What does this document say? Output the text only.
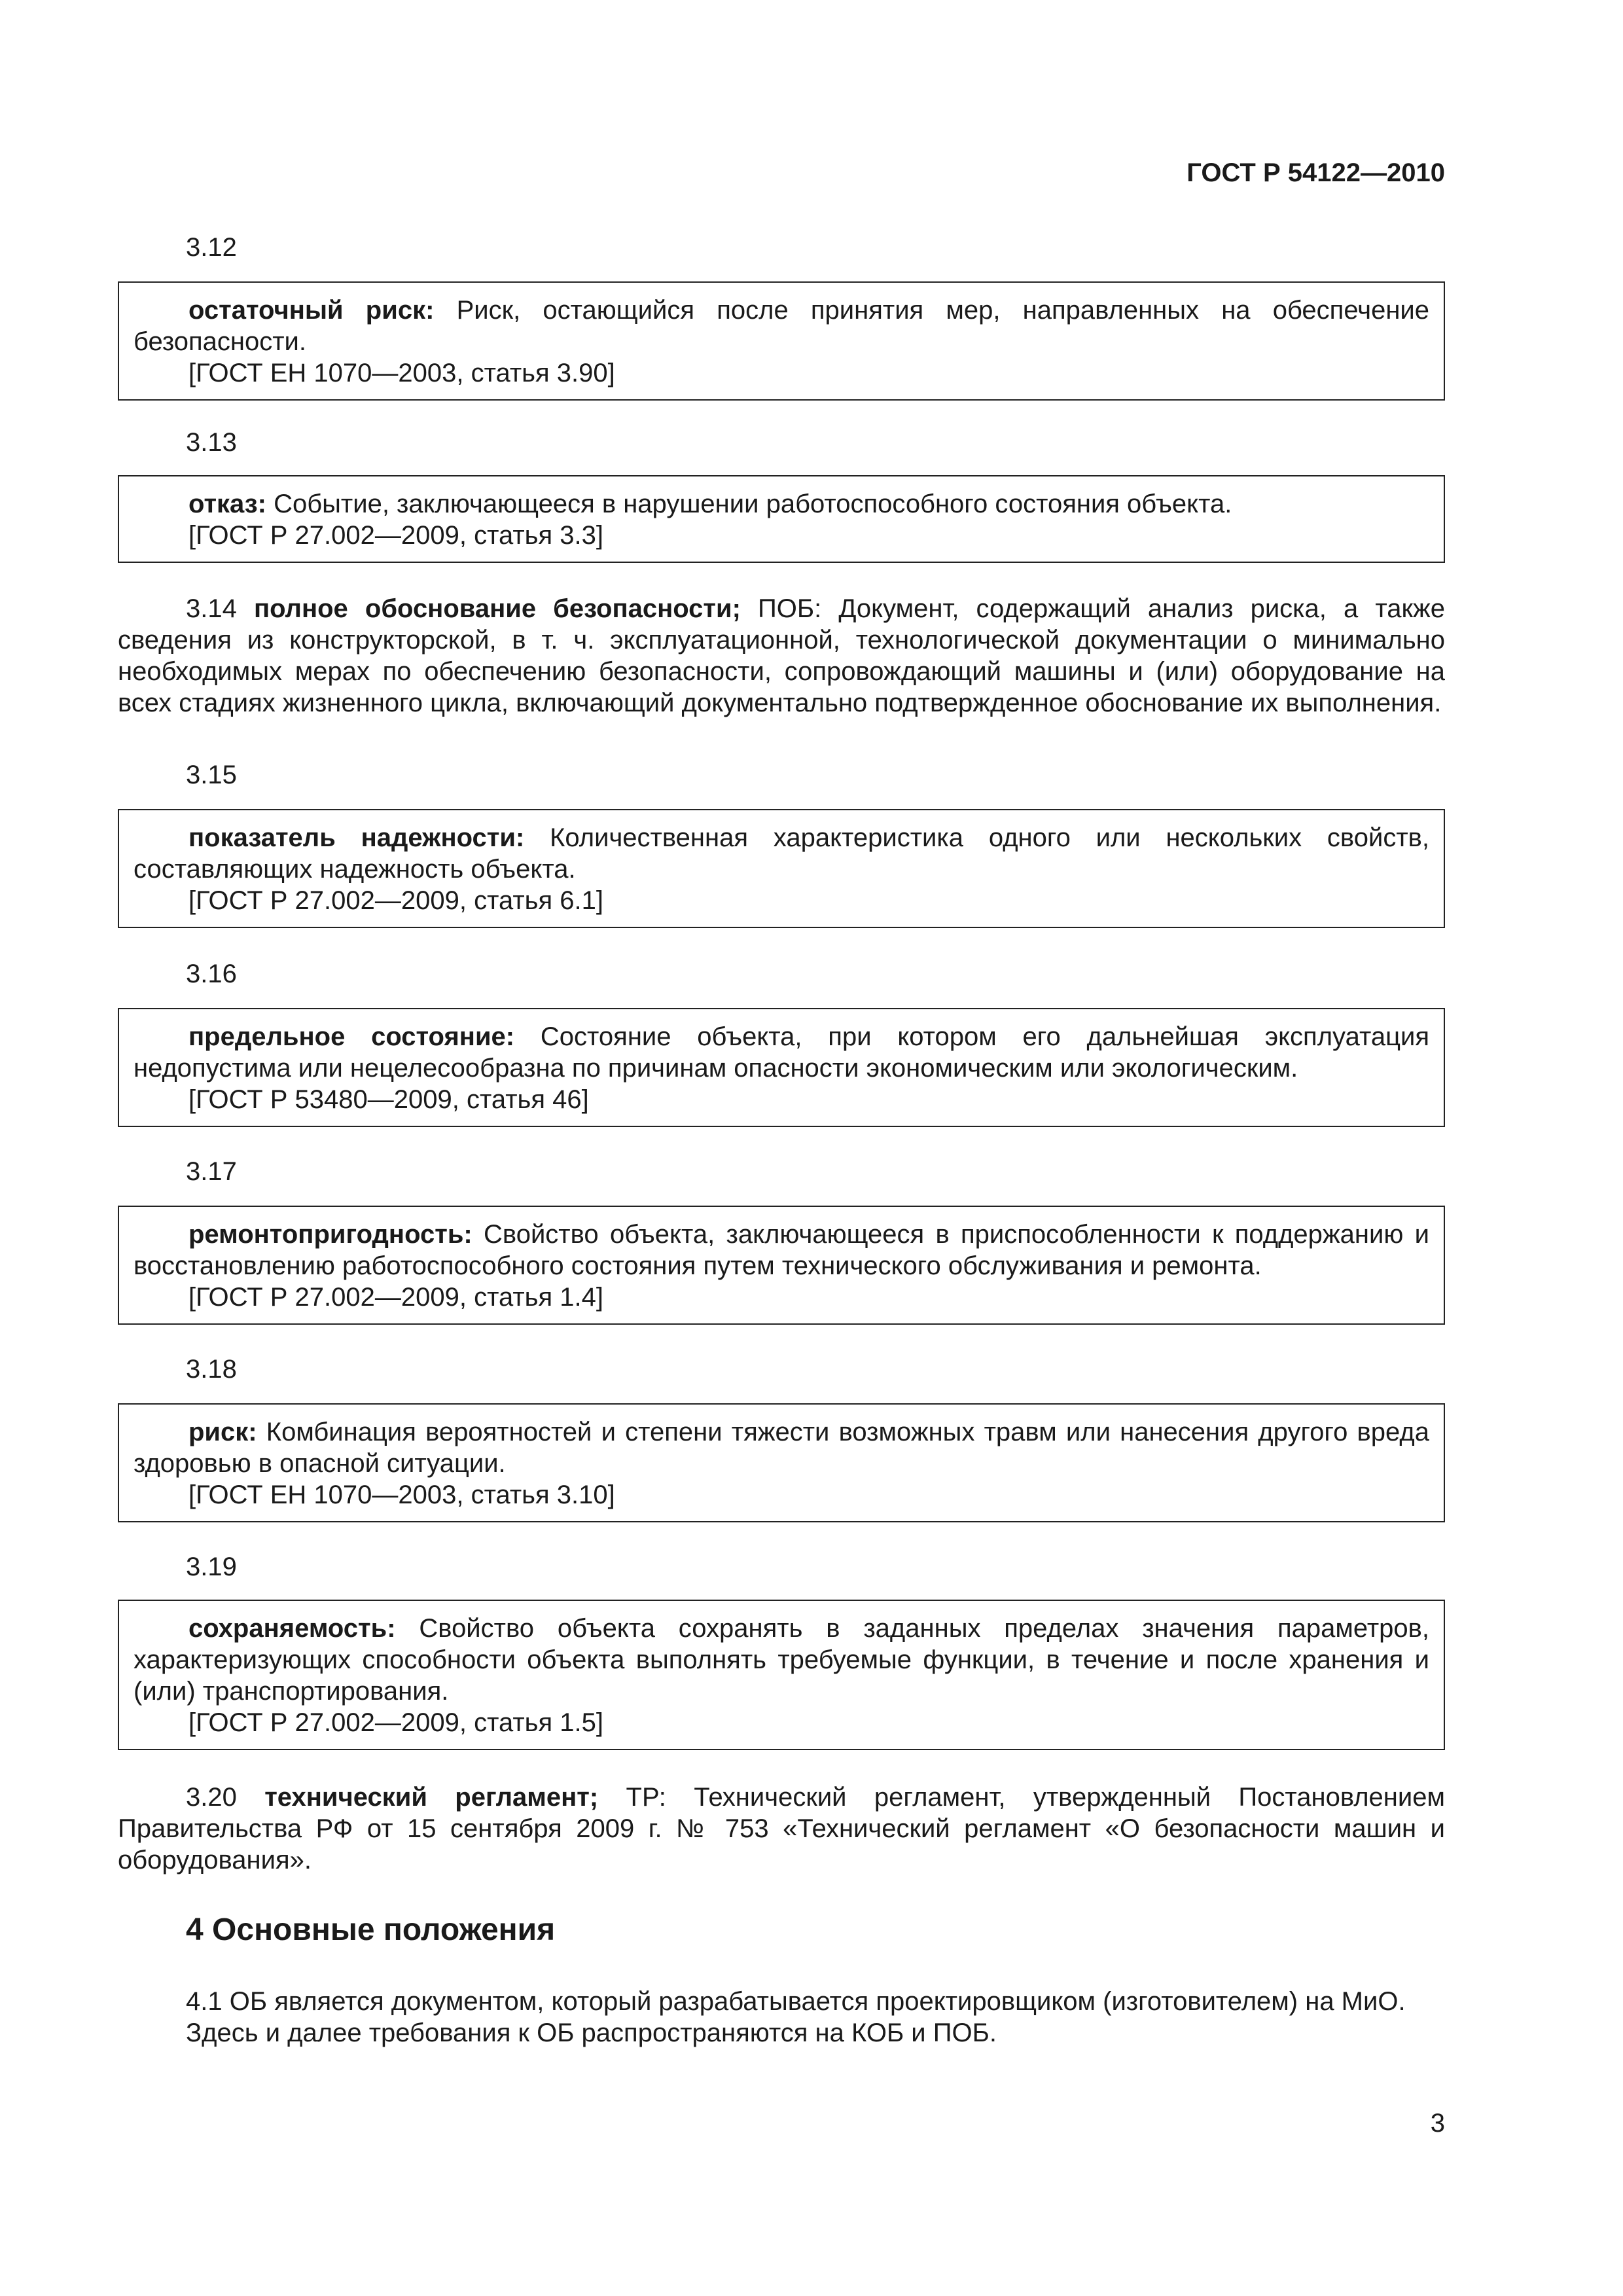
ГОСТ Р 54122—2010
3.12

остаточный риск: Риск, остающийся после принятия мер, направленных на обеспечение безопасности.

[ГОСТ ЕН 1070—2003, статья 3.90]

3.13

отказ: Событие, заключающееся в нарушении работоспособного состояния объекта.

[ГОСТ Р 27.002—2009, статья 3.3]

3.14 полное обоснование безопасности; ПОБ: Документ, содержащий анализ риска, а также сведения из конструкторской, в т. ч. эксплуатационной, технологической документации о минимально необходимых мерах по обеспечению безопасности, сопровождающий машины и (или) оборудование на всех стадиях жизненного цикла, включающий документально подтвержденное обоснование их выполнения.

3.15

показатель надежности: Количественная характеристика одного или нескольких свойств, составляющих надежность объекта.

[ГОСТ Р 27.002—2009, статья 6.1]

3.16

предельное состояние: Состояние объекта, при котором его дальнейшая эксплуатация недопустима или нецелесообразна по причинам опасности экономическим или экологическим.

[ГОСТ Р 53480—2009, статья 46]

3.17

ремонтопригодность: Свойство объекта, заключающееся в приспособленности к поддержанию и восстановлению работоспособного состояния путем технического обслуживания и ремонта.

[ГОСТ Р 27.002—2009, статья 1.4]

3.18

риск: Комбинация вероятностей и степени тяжести возможных травм или нанесения другого вреда здоровью в опасной ситуации.

[ГОСТ ЕН 1070—2003, статья 3.10]

3.19

сохраняемость: Свойство объекта сохранять в заданных пределах значения параметров, характеризующих способности объекта выполнять требуемые функции, в течение и после хранения и (или) транспортирования.

[ГОСТ Р 27.002—2009, статья 1.5]

3.20 технический регламент; ТР: Технический регламент, утвержденный Постановлением Правительства РФ от 15 сентября 2009 г. № 753 «Технический регламент «О безопасности машин и оборудования».

4 Основные положения

4.1 ОБ является документом, который разрабатывается проектировщиком (изготовителем) на МиО.

Здесь и далее требования к ОБ распространяются на КОБ и ПОБ.

3
